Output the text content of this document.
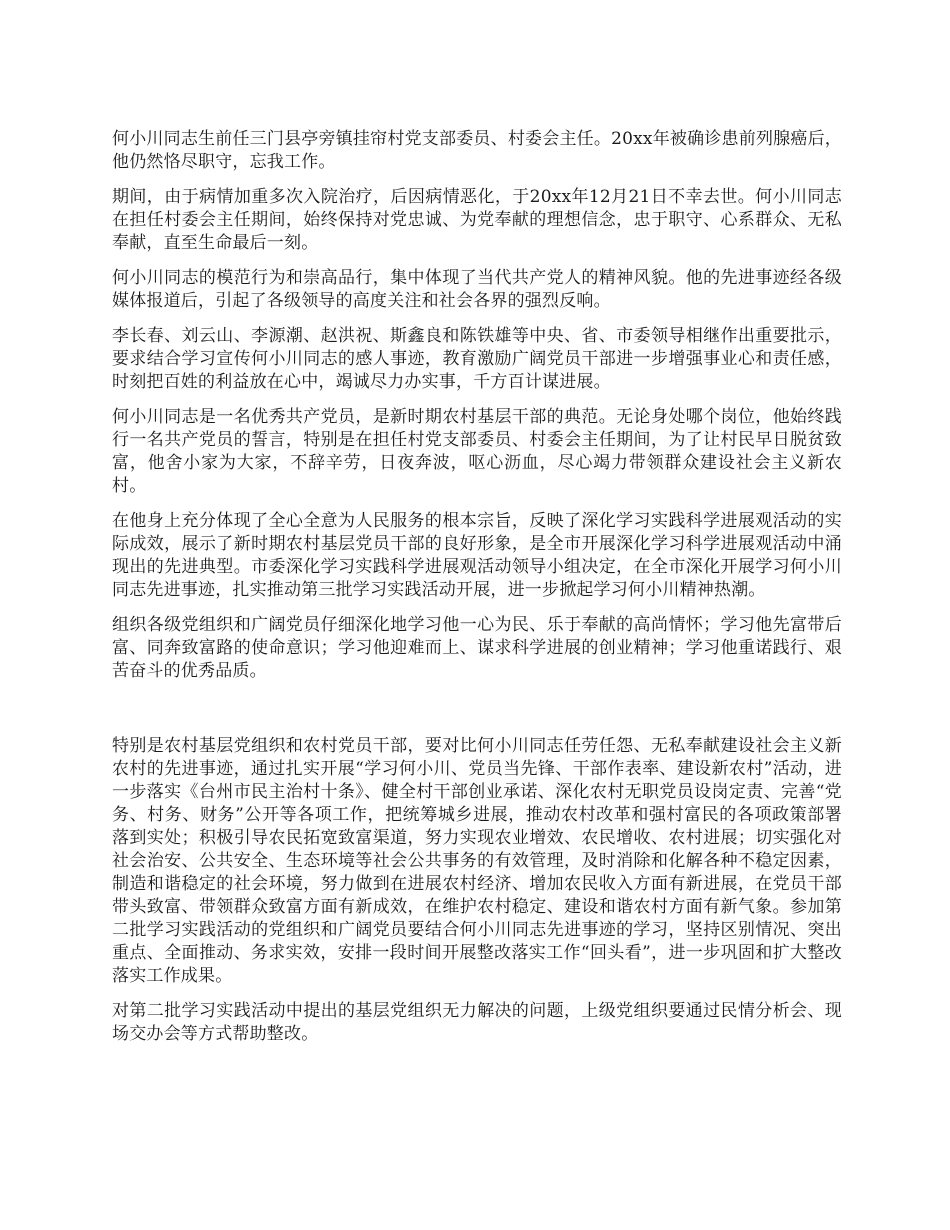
何小川同志生前任三门县亭旁镇挂帘村党支部委员、村委会主任。20xx年被确诊患前列腺癌后，他仍然恪尽职守，忘我工作。

期间，由于病情加重多次入院治疗，后因病情恶化，于20xx年12月21日不幸去世。何小川同志在担任村委会主任期间，始终保持对党忠诚、为党奉献的理想信念，忠于职守、心系群众、无私奉献，直至生命最后一刻。

何小川同志的模范行为和崇高品行，集中体现了当代共产党人的精神风貌。他的先进事迹经各级媒体报道后，引起了各级领导的高度关注和社会各界的强烈反响。

李长春、刘云山、李源潮、赵洪祝、斯鑫良和陈铁雄等中央、省、市委领导相继作出重要批示，要求结合学习宣传何小川同志的感人事迹，教育激励广阔党员干部进一步增强事业心和责任感，时刻把百姓的利益放在心中，竭诚尽力办实事，千方百计谋进展。

何小川同志是一名优秀共产党员，是新时期农村基层干部的典范。无论身处哪个岗位，他始终践行一名共产党员的誓言，特别是在担任村党支部委员、村委会主任期间，为了让村民早日脱贫致富，他舍小家为大家，不辞辛劳，日夜奔波，呕心沥血，尽心竭力带领群众建设社会主义新农村。

在他身上充分体现了全心全意为人民服务的根本宗旨，反映了深化学习实践科学进展观活动的实际成效，展示了新时期农村基层党员干部的良好形象，是全市开展深化学习科学进展观活动中涌现出的先进典型。市委深化学习实践科学进展观活动领导小组决定，在全市深化开展学习何小川同志先进事迹，扎实推动第三批学习实践活动开展，进一步掀起学习何小川精神热潮。

组织各级党组织和广阔党员仔细深化地学习他一心为民、乐于奉献的高尚情怀；学习他先富带后富、同奔致富路的使命意识；学习他迎难而上、谋求科学进展的创业精神；学习他重诺践行、艰苦奋斗的优秀品质。

特别是农村基层党组织和农村党员干部，要对比何小川同志任劳任怨、无私奉献建设社会主义新农村的先进事迹，通过扎实开展“学习何小川、党员当先锋、干部作表率、建设新农村”活动，进一步落实《台州市民主治村十条》、健全村干部创业承诺、深化农村无职党员设岗定责、完善“党务、村务、财务”公开等各项工作，把统筹城乡进展，推动农村改革和强村富民的各项政策部署落到实处；积极引导农民拓宽致富渠道，努力实现农业增效、农民增收、农村进展；切实强化对社会治安、公共安全、生态环境等社会公共事务的有效管理，及时消除和化解各种不稳定因素，制造和谐稳定的社会环境，努力做到在进展农村经济、增加农民收入方面有新进展，在党员干部带头致富、带领群众致富方面有新成效，在维护农村稳定、建设和谐农村方面有新气象。参加第二批学习实践活动的党组织和广阔党员要结合何小川同志先进事迹的学习，坚持区别情况、突出重点、全面推动、务求实效，安排一段时间开展整改落实工作“回头看”，进一步巩固和扩大整改落实工作成果。

对第二批学习实践活动中提出的基层党组织无力解决的问题，上级党组织要通过民情分析会、现场交办会等方式帮助整改。
